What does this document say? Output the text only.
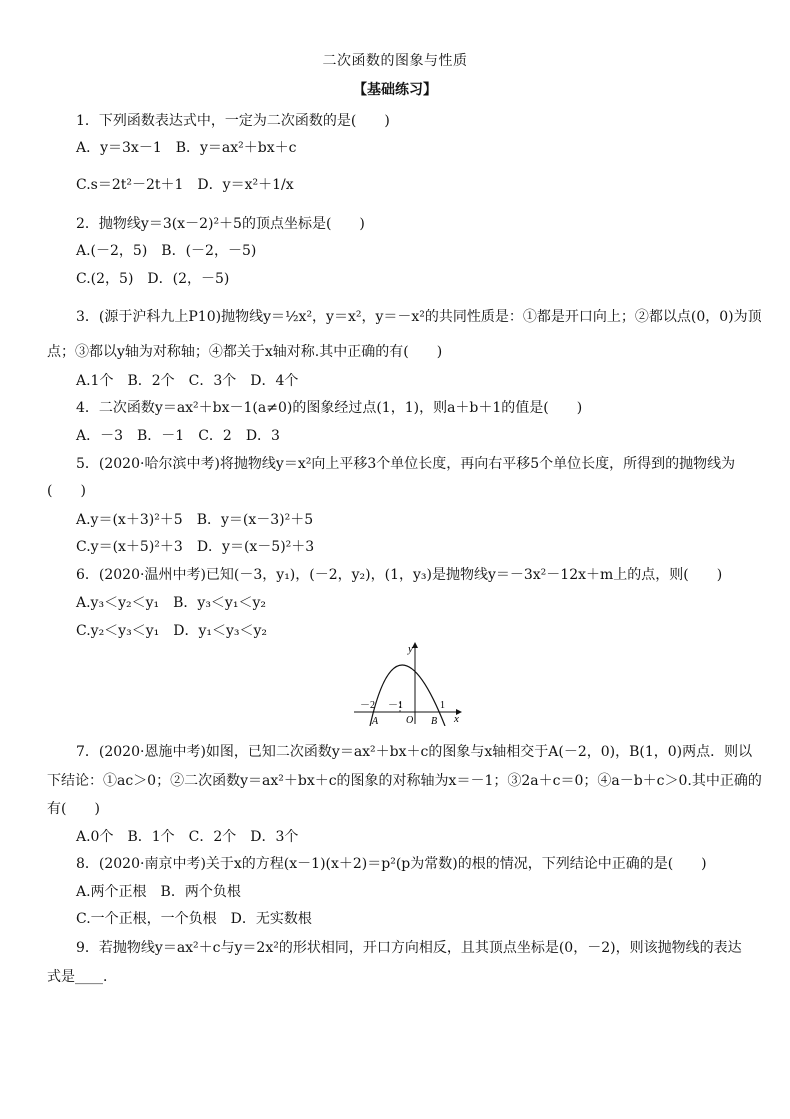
二次函数的图象与性质
【基础练习】
1．下列函数表达式中，一定为二次函数的是(　　)
A．y＝3x－1　B．y＝ax²＋bx＋c
C.s＝2t²－2t＋1　D．y＝x²＋1/x
2．抛物线y＝3(x－2)²＋5的顶点坐标是(　　)
A.(－2，5)　B．(－2，－5)
C.(2，5)　D．(2，－5)
3．(源于沪科九上P10)抛物线y＝½x²，y＝x²，y＝－x²的共同性质是：①都是开口向上；②都以点(0，0)为顶
点；③都以y轴为对称轴；④都关于x轴对称.其中正确的有(　　)
A.1个　B．2个　C．3个　D．4个
4．二次函数y＝ax²＋bx－1(a≠0)的图象经过点(1，1)，则a＋b＋1的值是(　　)
A．－3　B．－1　C．2　D．3
5．(2020·哈尔滨中考)将抛物线y＝x²向上平移3个单位长度，再向右平移5个单位长度，所得到的抛物线为
(　　)
A.y＝(x＋3)²＋5　B．y＝(x－3)²＋5
C.y＝(x＋5)²＋3　D．y＝(x－5)²＋3
6．(2020·温州中考)已知(－3，y₁)，(－2，y₂)，(1，y₃)是抛物线y＝－3x²－12x＋m上的点，则(　　)
A.y₃＜y₂＜y₁　B．y₃＜y₁＜y₂
C.y₂＜y₃＜y₁　D．y₁＜y₃＜y₂
y
x
O
A	B
－2 －1	1
7．(2020·恩施中考)如图，已知二次函数y＝ax²＋bx＋c的图象与x轴相交于A(－2，0)，B(1，0)两点．则以
下结论：①ac＞0；②二次函数y＝ax²＋bx＋c的图象的对称轴为x＝－1；③2a＋c＝0；④a－b＋c＞0.其中正确的
有(　　)
A.0个　B．1个　C．2个　D．3个
8．(2020·南京中考)关于x的方程(x－1)(x＋2)＝p²(p为常数)的根的情况，下列结论中正确的是(　　)
A.两个正根　B．两个负根
C.一个正根，一个负根　D．无实数根
9．若抛物线y＝ax²＋c与y＝2x²的形状相同，开口方向相反，且其顶点坐标是(0，－2)，则该抛物线的表达
式是____．
